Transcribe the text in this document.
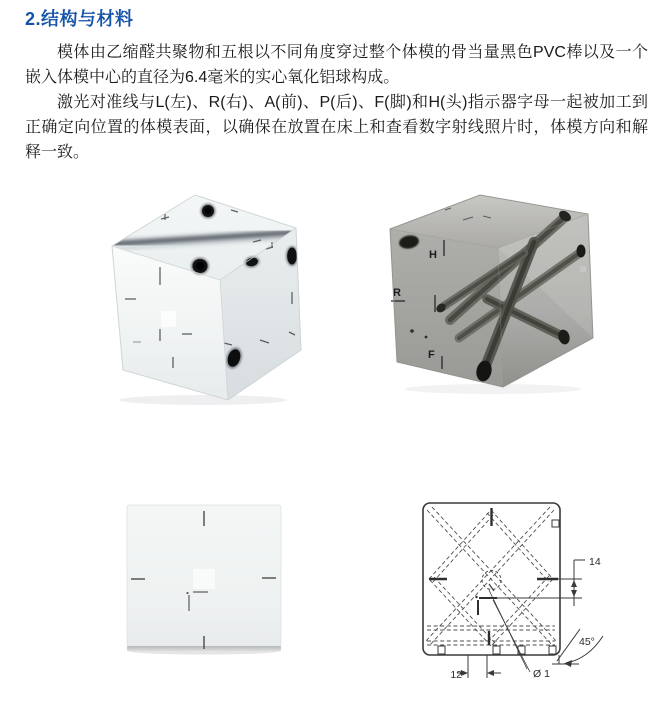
2.结构与材料

模体由乙缩醛共聚物和五根以不同角度穿过整个体模的骨当量黑色PVC棒以及一个嵌入体模中心的直径为6.4毫米的实心氧化铝球构成。

激光对准线与L(左)、R(右)、A(前)、P(后)、F(脚)和H(头)指示器字母一起被加工到正确定向位置的体模表面，以确保在放置在床上和查看数字射线照片时，体模方向和解释一致。

H
R
F
14
45°
12	Ø 1
